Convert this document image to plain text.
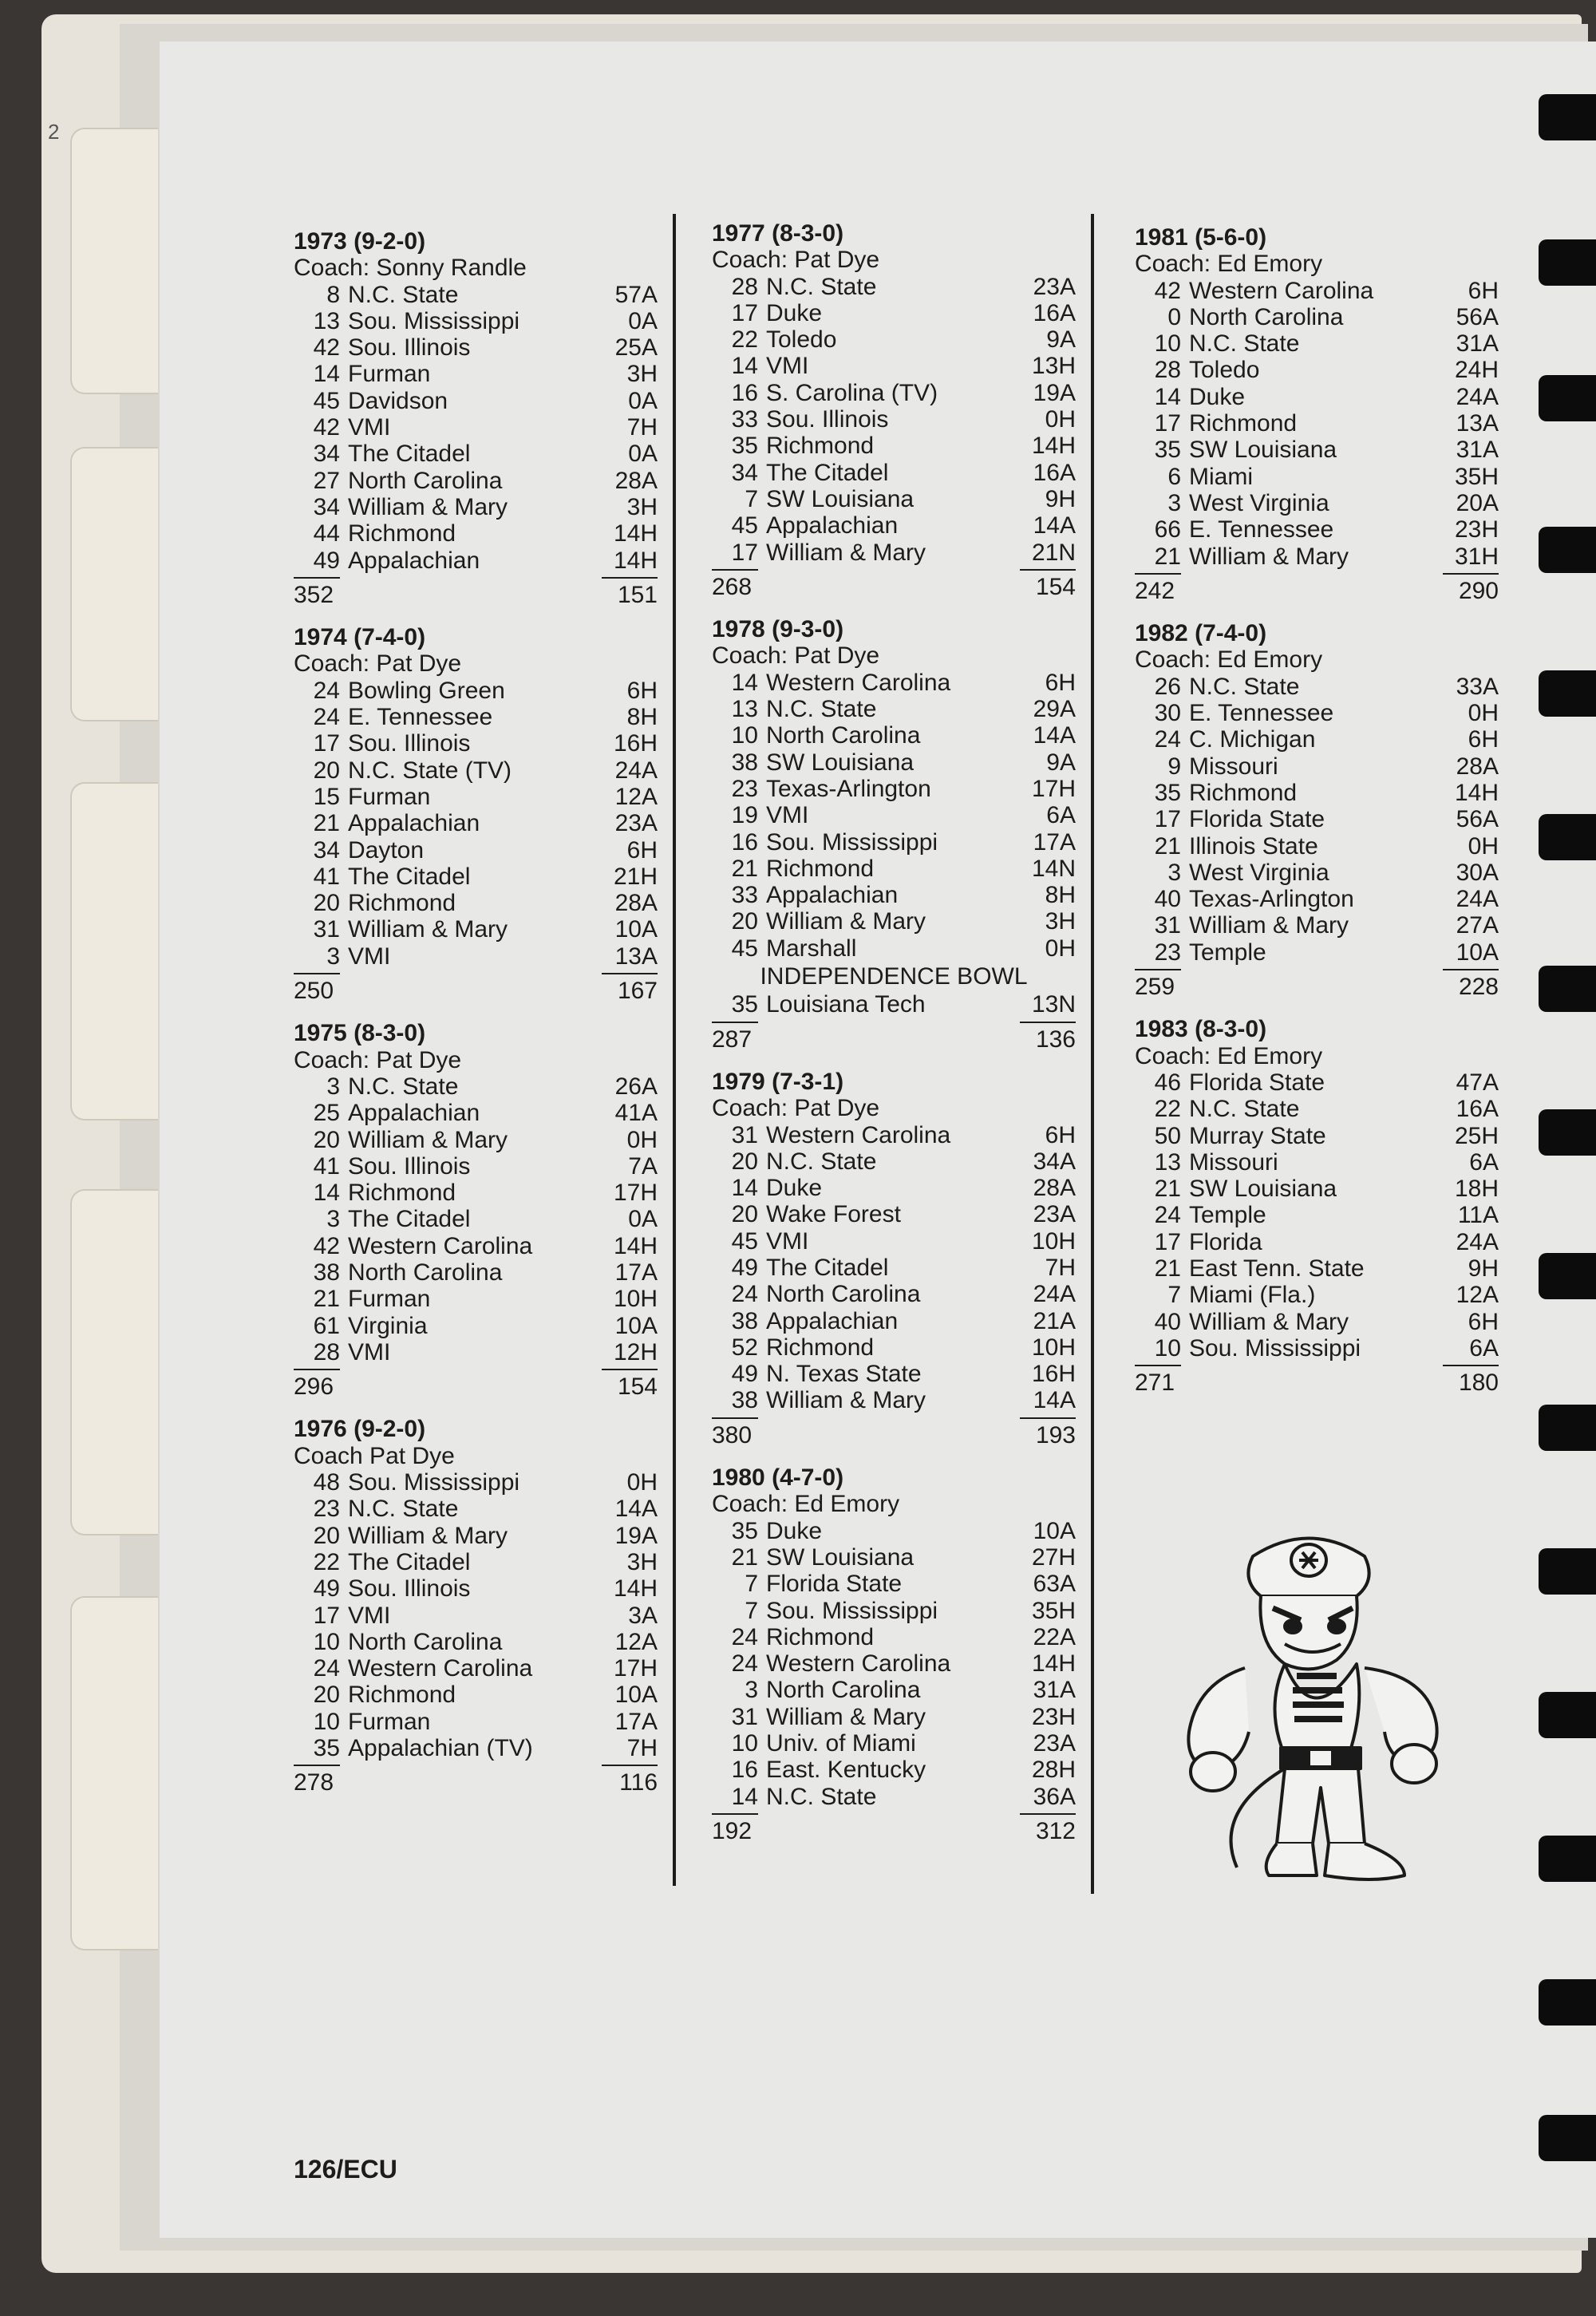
2
1973 (9-2-0)
Coach: Sonny Randle
8 N.C. State	57A
13 Sou. Mississippi	0A
42 Sou. Illinois	25A
14 Furman	3H
45 Davidson	0A
42 VMI	7H
34 The Citadel	0A
27 North Carolina	28A
34 William & Mary	3H
44 Richmond	14H
49 Appalachian	14H
352	151
1974 (7-4-0)
Coach: Pat Dye
24 Bowling Green	6H
24 E. Tennessee	8H
17 Sou. Illinois	16H
20 N.C. State (TV)	24A
15 Furman	12A
21 Appalachian	23A
34 Dayton	6H
41 The Citadel	21H
20 Richmond	28A
31 William & Mary	10A
3 VMI	13A
250	167
1975 (8-3-0)
Coach: Pat Dye
3 N.C. State	26A
25 Appalachian	41A
20 William & Mary	0H
41 Sou. Illinois	7A
14 Richmond	17H
3 The Citadel	0A
42 Western Carolina	14H
38 North Carolina	17A
21 Furman	10H
61 Virginia	10A
28 VMI	12H
296	154
1976 (9-2-0)
Coach Pat Dye
48 Sou. Mississippi	0H
23 N.C. State	14A
20 William & Mary	19A
22 The Citadel	3H
49 Sou. Illinois	14H
17 VMI	3A
10 North Carolina	12A
24 Western Carolina	17H
20 Richmond	10A
10 Furman	17A
35 Appalachian (TV)	7H
278	116
1977 (8-3-0)
Coach: Pat Dye
28 N.C. State	23A
17 Duke	16A
22 Toledo	9A
14 VMI	13H
16 S. Carolina (TV)	19A
33 Sou. Illinois	0H
35 Richmond	14H
34 The Citadel	16A
7 SW Louisiana	9H
45 Appalachian	14A
17 William & Mary	21N
268	154
1978 (9-3-0)
Coach: Pat Dye
14 Western Carolina	6H
13 N.C. State	29A
10 North Carolina	14A
38 SW Louisiana	9A
23 Texas-Arlington	17H
19 VMI	6A
16 Sou. Mississippi	17A
21 Richmond	14N
33 Appalachian	8H
20 William & Mary	3H
45 Marshall	0H
INDEPENDENCE BOWL
35 Louisiana Tech	13N
287	136
1979 (7-3-1)
Coach: Pat Dye
31 Western Carolina	6H
20 N.C. State	34A
14 Duke	28A
20 Wake Forest	23A
45 VMI	10H
49 The Citadel	7H
24 North Carolina	24A
38 Appalachian	21A
52 Richmond	10H
49 N. Texas State	16H
38 William & Mary	14A
380	193
1980 (4-7-0)
Coach: Ed Emory
35 Duke	10A
21 SW Louisiana	27H
7 Florida State	63A
7 Sou. Mississippi	35H
24 Richmond	22A
24 Western Carolina	14H
3 North Carolina	31A
31 William & Mary	23H
10 Univ. of Miami	23A
16 East. Kentucky	28H
14 N.C. State	36A
192	312
1981 (5-6-0)
Coach: Ed Emory
42 Western Carolina	6H
0 North Carolina	56A
10 N.C. State	31A
28 Toledo	24H
14 Duke	24A
17 Richmond	13A
35 SW Louisiana	31A
6 Miami	35H
3 West Virginia	20A
66 E. Tennessee	23H
21 William & Mary	31H
242	290
1982 (7-4-0)
Coach: Ed Emory
26 N.C. State	33A
30 E. Tennessee	0H
24 C. Michigan	6H
9 Missouri	28A
35 Richmond	14H
17 Florida State	56A
21 Illinois State	0H
3 West Virginia	30A
40 Texas-Arlington	24A
31 William & Mary	27A
23 Temple	10A
259	228
1983 (8-3-0)
Coach: Ed Emory
46 Florida State	47A
22 N.C. State	16A
50 Murray State	25H
13 Missouri	6A
21 SW Louisiana	18H
24 Temple	11A
17 Florida	24A
21 East Tenn. State	9H
7 Miami (Fla.)	12A
40 William & Mary	6H
10 Sou. Mississippi	6A
271	180
126/ECU
